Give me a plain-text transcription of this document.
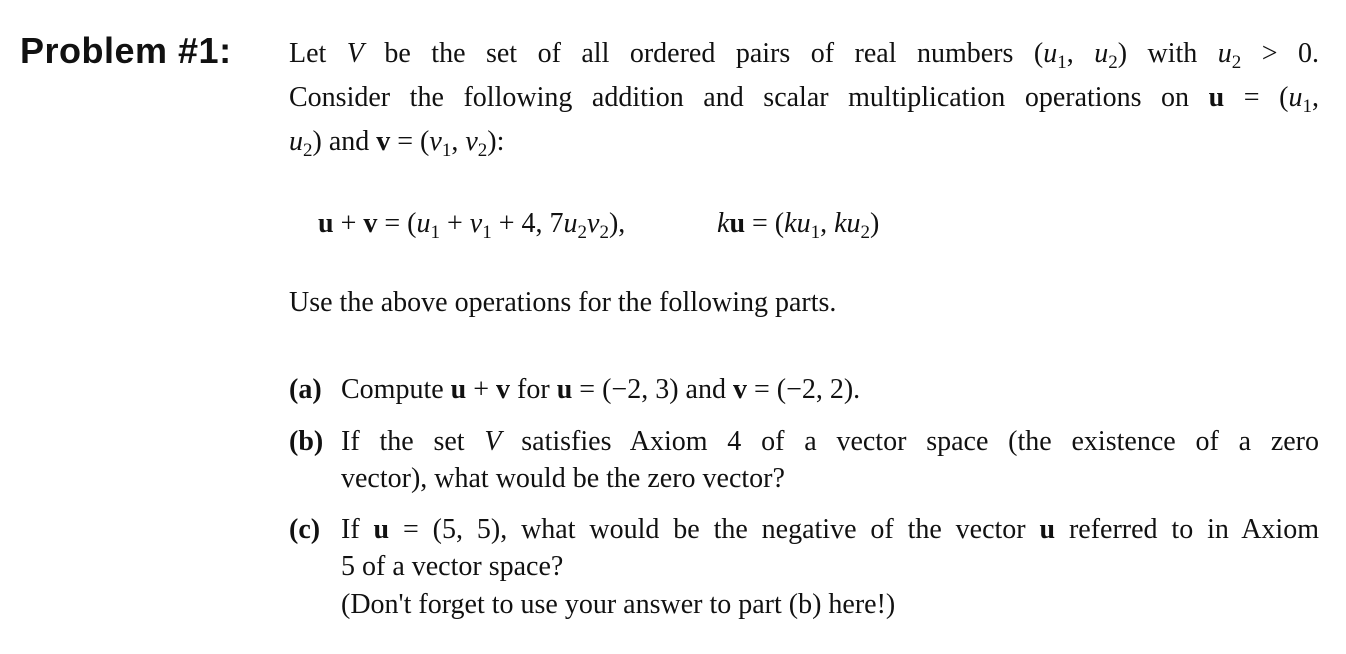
Problem #1: Let V be the set of all ordered pairs of real numbers ($u_1$, $u_2$) with $u_2 > 0$.
Consider the following addition and scalar multiplication operations on $u = (u_1$,
$u_2$) and $v = (v_1$, $v_2$):
$u + v = (u_1 + v_1 + 4$, $7u_2v_2$),	ku = ($ku_1$, $ku_2$)
Use the above operations for the following parts.
(a) Compute u + v for u = (−2, 3) and v = (−2, 2).
(b) If the set V satisfies Axiom 4 of a vector space (the existence of a zero
vector), what would be the zero vector?
(c) If u = (5, 5), what would be the negative of the vector u referred to in Axiom
5 of a vector space?
(Don't forget to use your answer to part (b) here!)
